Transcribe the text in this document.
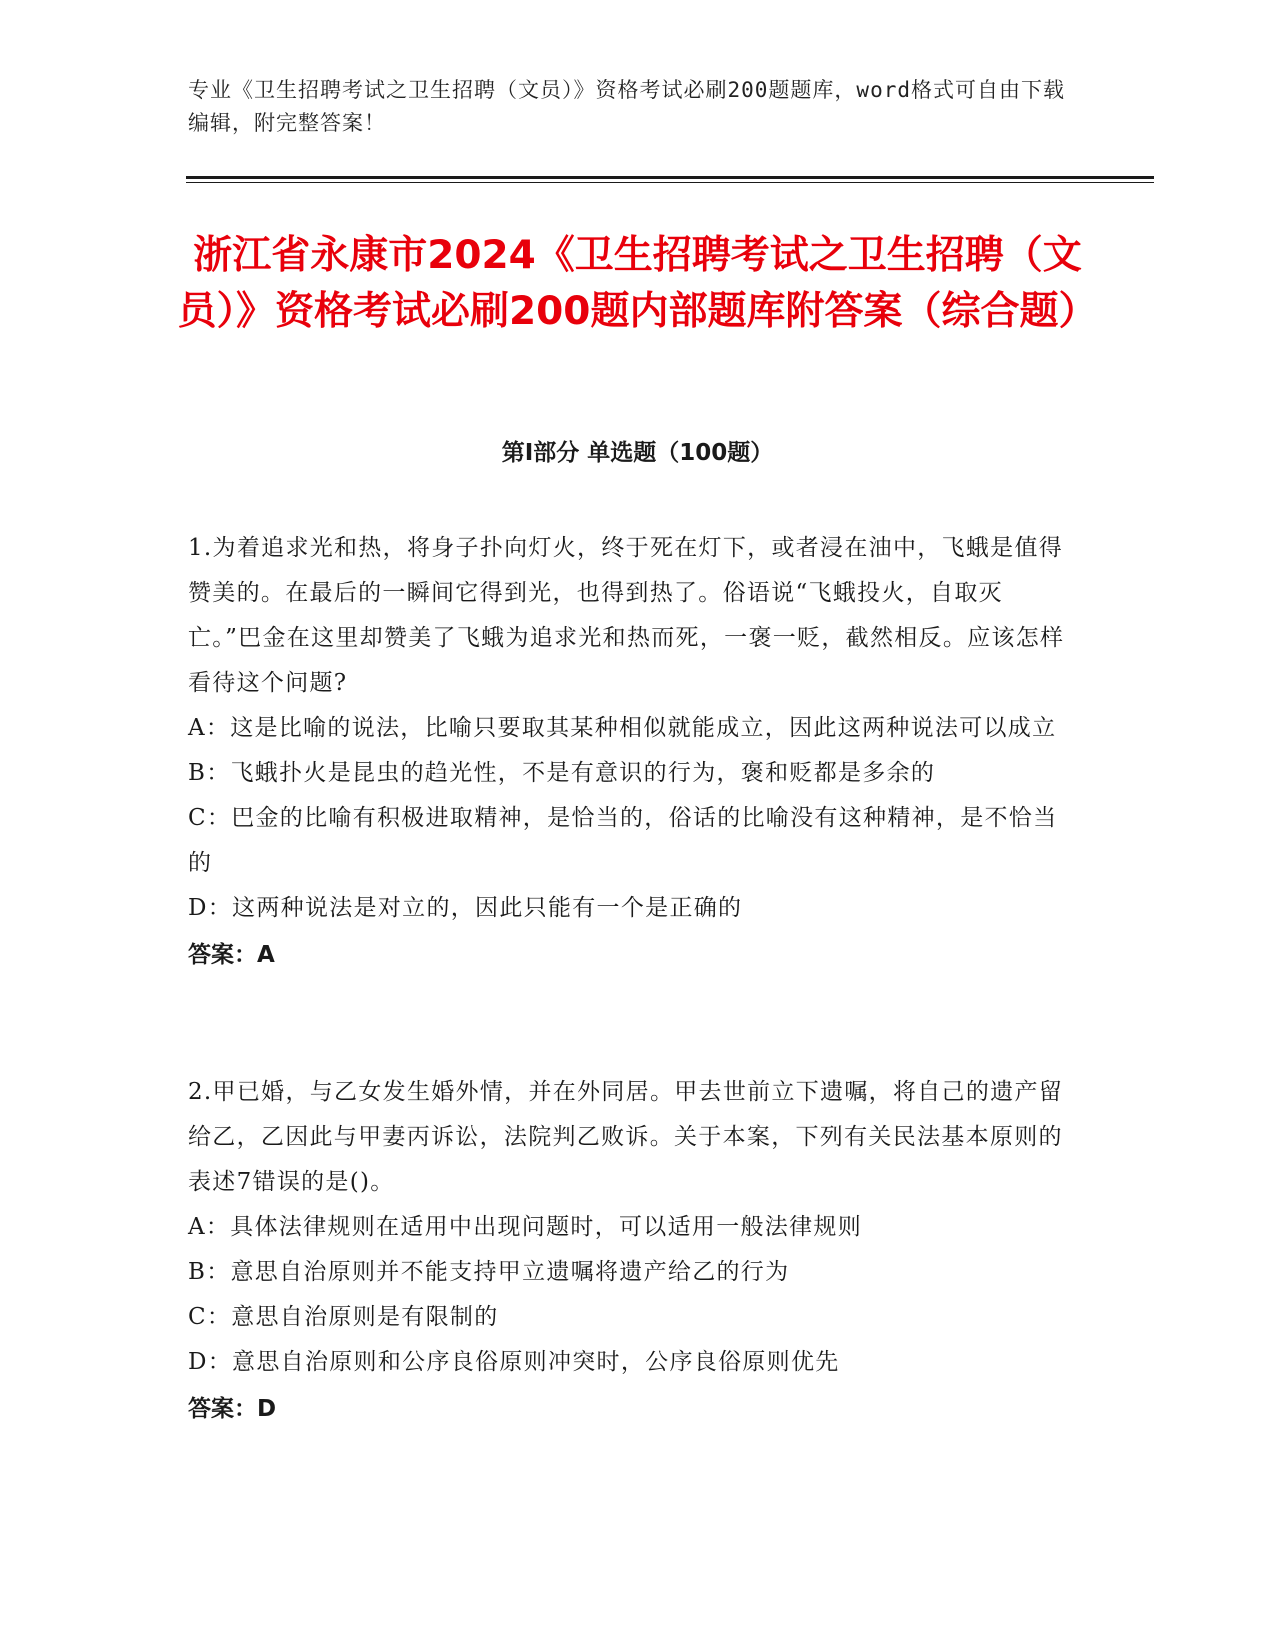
专业《卫生招聘考试之卫生招聘（文员）》资格考试必刷200题题库，word格式可自由下载编辑，附完整答案！
浙江省永康市2024《卫生招聘考试之卫生招聘（文员）》资格考试必刷200题内部题库附答案（综合题）
第Ⅰ部分 单选题（100题）

1.为着追求光和热，将身子扑向灯火，终于死在灯下，或者浸在油中，飞蛾是值得赞美的。在最后的一瞬间它得到光，也得到热了。俗语说“飞蛾投火，自取灭亡。”巴金在这里却赞美了飞蛾为追求光和热而死，一褒一贬，截然相反。应该怎样看待这个问题?

A：这是比喻的说法，比喻只要取其某种相似就能成立，因此这两种说法可以成立

B：飞蛾扑火是昆虫的趋光性，不是有意识的行为，褒和贬都是多余的

C：巴金的比喻有积极进取精神，是恰当的，俗话的比喻没有这种精神，是不恰当的

D：这两种说法是对立的，因此只能有一个是正确的

答案：A

2.甲已婚，与乙女发生婚外情，并在外同居。甲去世前立下遗嘱，将自己的遗产留给乙，乙因此与甲妻丙诉讼，法院判乙败诉。关于本案，下列有关民法基本原则的表述7错误的是()。

A：具体法律规则在适用中出现问题时，可以适用一般法律规则

B：意思自治原则并不能支持甲立遗嘱将遗产给乙的行为

C：意思自治原则是有限制的

D：意思自治原则和公序良俗原则冲突时，公序良俗原则优先

答案：D
